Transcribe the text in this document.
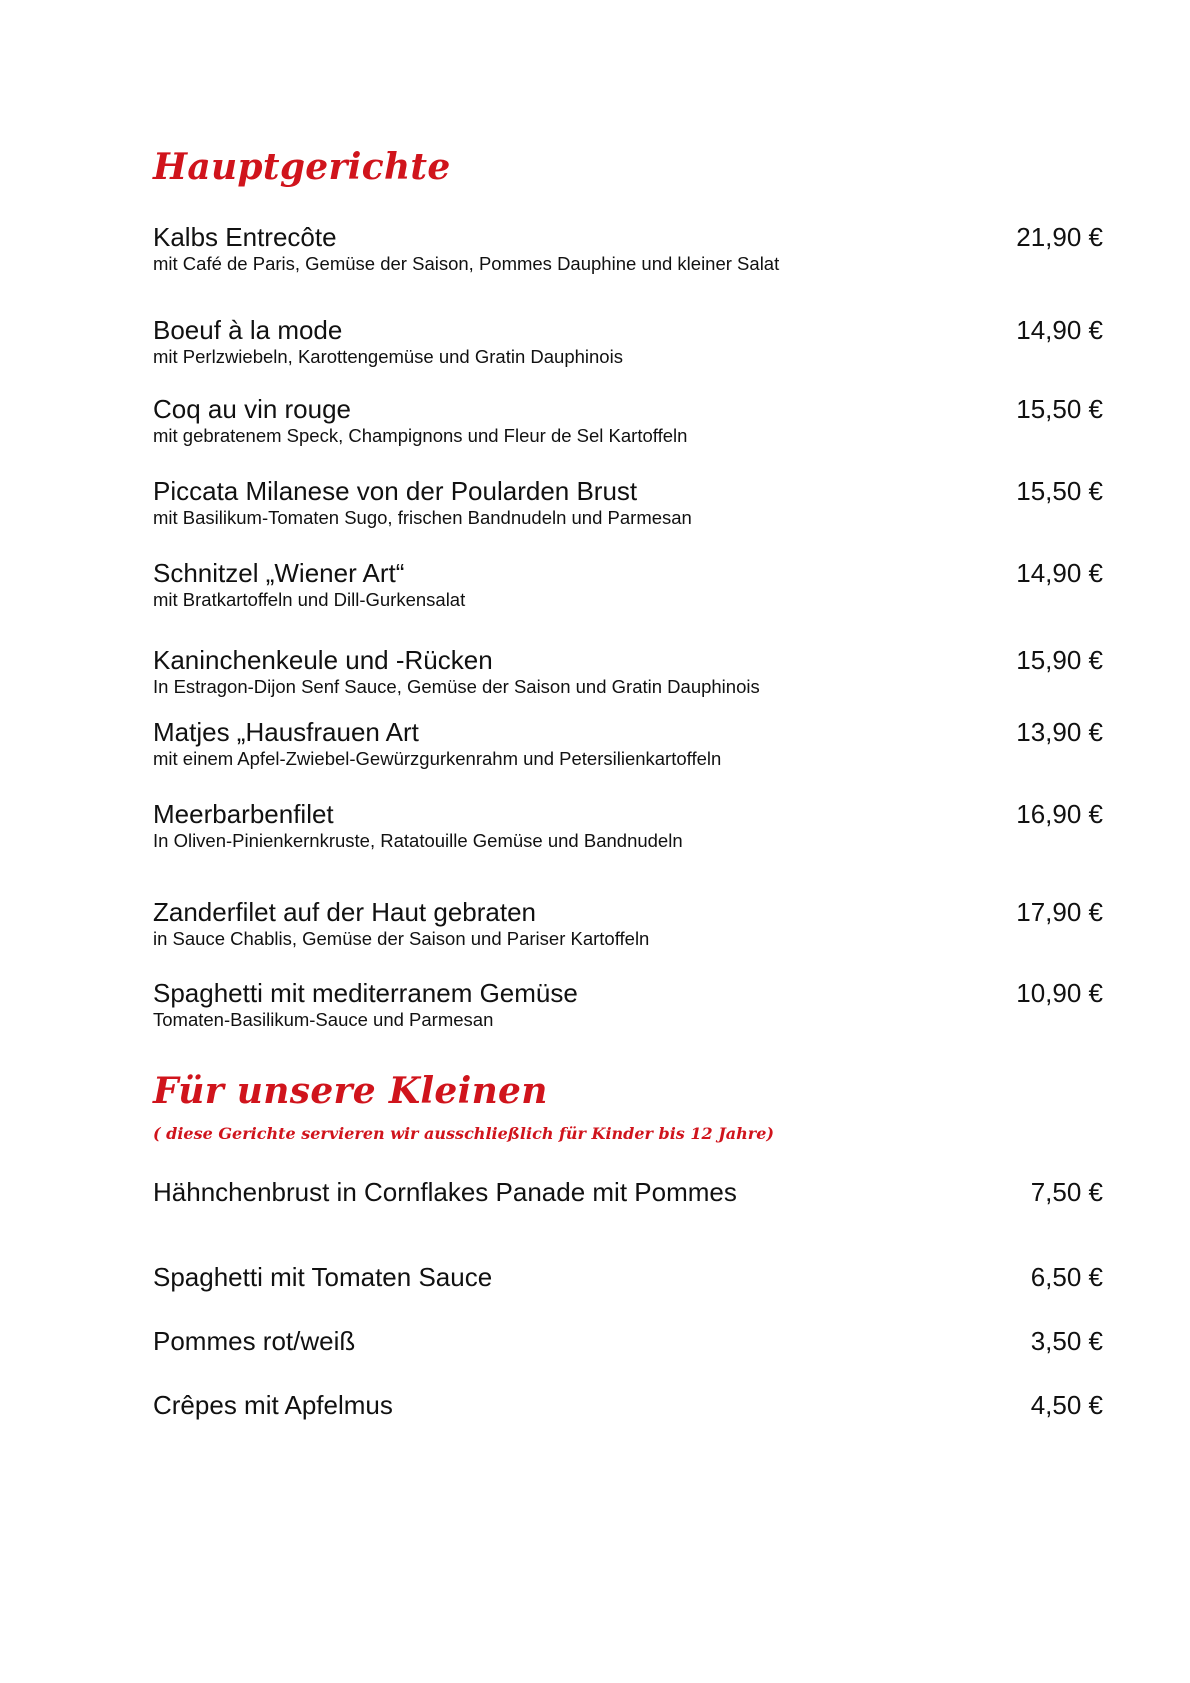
Hauptgerichte
Kalbs Entrecôte	21,90 €
mit Café de Paris, Gemüse der Saison, Pommes Dauphine und kleiner Salat
Boeuf à la mode	14,90 €
mit Perlzwiebeln, Karottengemüse und Gratin Dauphinois
Coq au vin rouge	15,50 €
mit gebratenem Speck, Champignons und Fleur de Sel Kartoffeln
Piccata Milanese von der Poularden Brust	15,50 €
mit Basilikum-Tomaten Sugo, frischen Bandnudeln und Parmesan
Schnitzel „Wiener Art“	14,90 €
mit Bratkartoffeln und Dill-Gurkensalat
Kaninchenkeule und -Rücken	15,90 €
In Estragon-Dijon Senf Sauce, Gemüse der Saison und Gratin Dauphinois
Matjes „Hausfrauen Art	13,90 €
mit einem Apfel-Zwiebel-Gewürzgurkenrahm und Petersilienkartoffeln
Meerbarbenfilet	16,90 €
In Oliven-Pinienkernkruste, Ratatouille Gemüse und Bandnudeln
Zanderfilet auf der Haut gebraten	17,90 €
in Sauce Chablis, Gemüse der Saison und Pariser Kartoffeln
Spaghetti mit mediterranem Gemüse	10,90 €
Tomaten-Basilikum-Sauce und Parmesan
Für unsere Kleinen
( diese Gerichte servieren wir ausschließlich für Kinder bis 12 Jahre)
Hähnchenbrust in Cornflakes Panade mit Pommes	7,50 €
Spaghetti mit Tomaten Sauce	6,50 €
Pommes rot/weiß	3,50 €
Crêpes mit Apfelmus	4,50 €
